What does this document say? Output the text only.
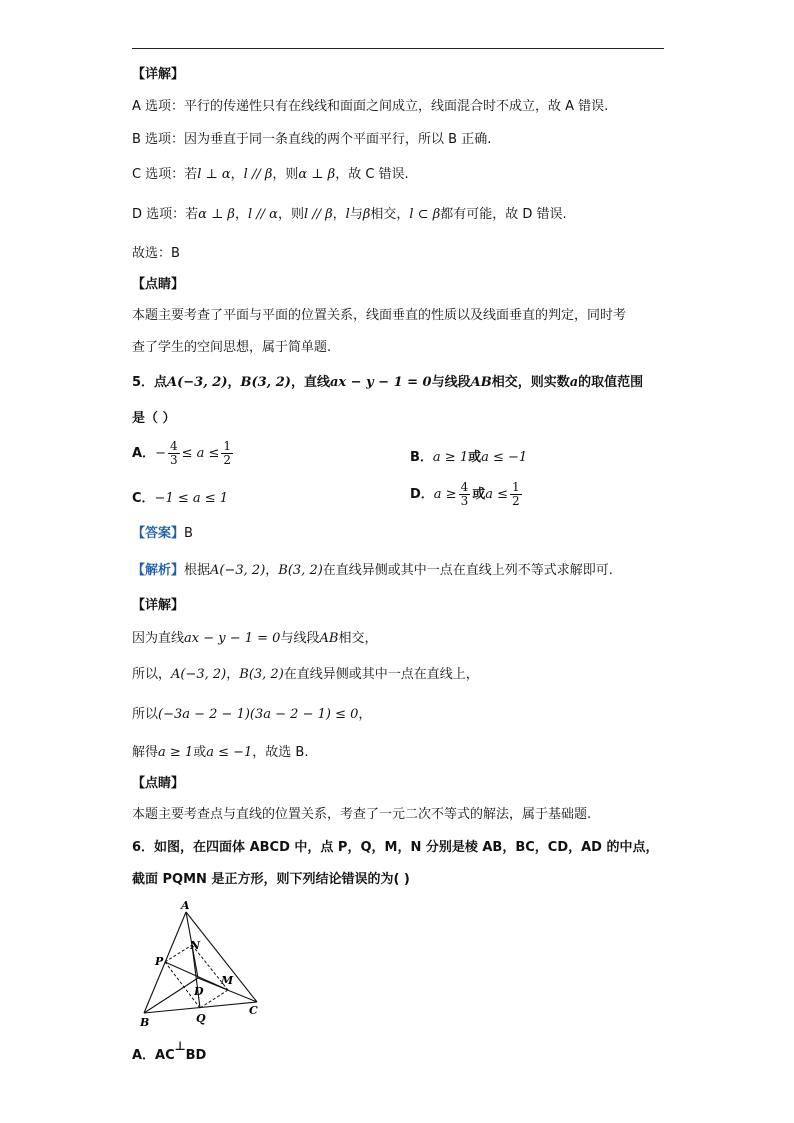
【详解】
A 选项：平行的传递性只有在线线和面面之间成立，线面混合时不成立，故 A 错误.
B 选项：因为垂直于同一条直线的两个平面平行，所以 B 正确.
C 选项：若l ⊥ α，l // β，则α ⊥ β，故 C 错误.
D 选项：若α ⊥ β，l // α，则l // β，l与β相交，l ⊂ β都有可能，故 D 错误.
故选：B
【点睛】
本题主要考查了平面与平面的位置关系，线面垂直的性质以及线面垂直的判定，同时考
查了学生的空间思想，属于简单题.
5．点A(−3, 2)，B(3, 2)，直线ax − y − 1 = 0与线段AB相交，则实数a的取值范围
是（ ）
A．− $\frac{4}{3} \le a \le \frac{1}{2}$	B．a ≥ 1或a ≤ −1
C．−1 ≤ a ≤ 1	D．$a \ge \frac{4}{3}$ 或$a \le \frac{1}{2}$
【答案】B
【解析】根据A(−3, 2)，B(3, 2)在直线异侧或其中一点在直线上列不等式求解即可.
【详解】
因为直线ax − y − 1 = 0与线段AB相交，
所以，A(−3, 2)，B(3, 2)在直线异侧或其中一点在直线上，
所以(−3a − 2 − 1)(3a − 2 − 1) ≤ 0，
解得a ≥ 1或a ≤ −1，故选 B.
【点睛】
本题主要考查点与直线的位置关系，考查了一元二次不等式的解法，属于基础题.
6．如图，在四面体 ABCD 中，点 P，Q，M，N 分别是棱 AB，BC，CD，AD 的中点，
截面 PQMN 是正方形，则下列结论错误的为( )
A
N
P
M
D
B	Q
C
A．AC⊥BD
